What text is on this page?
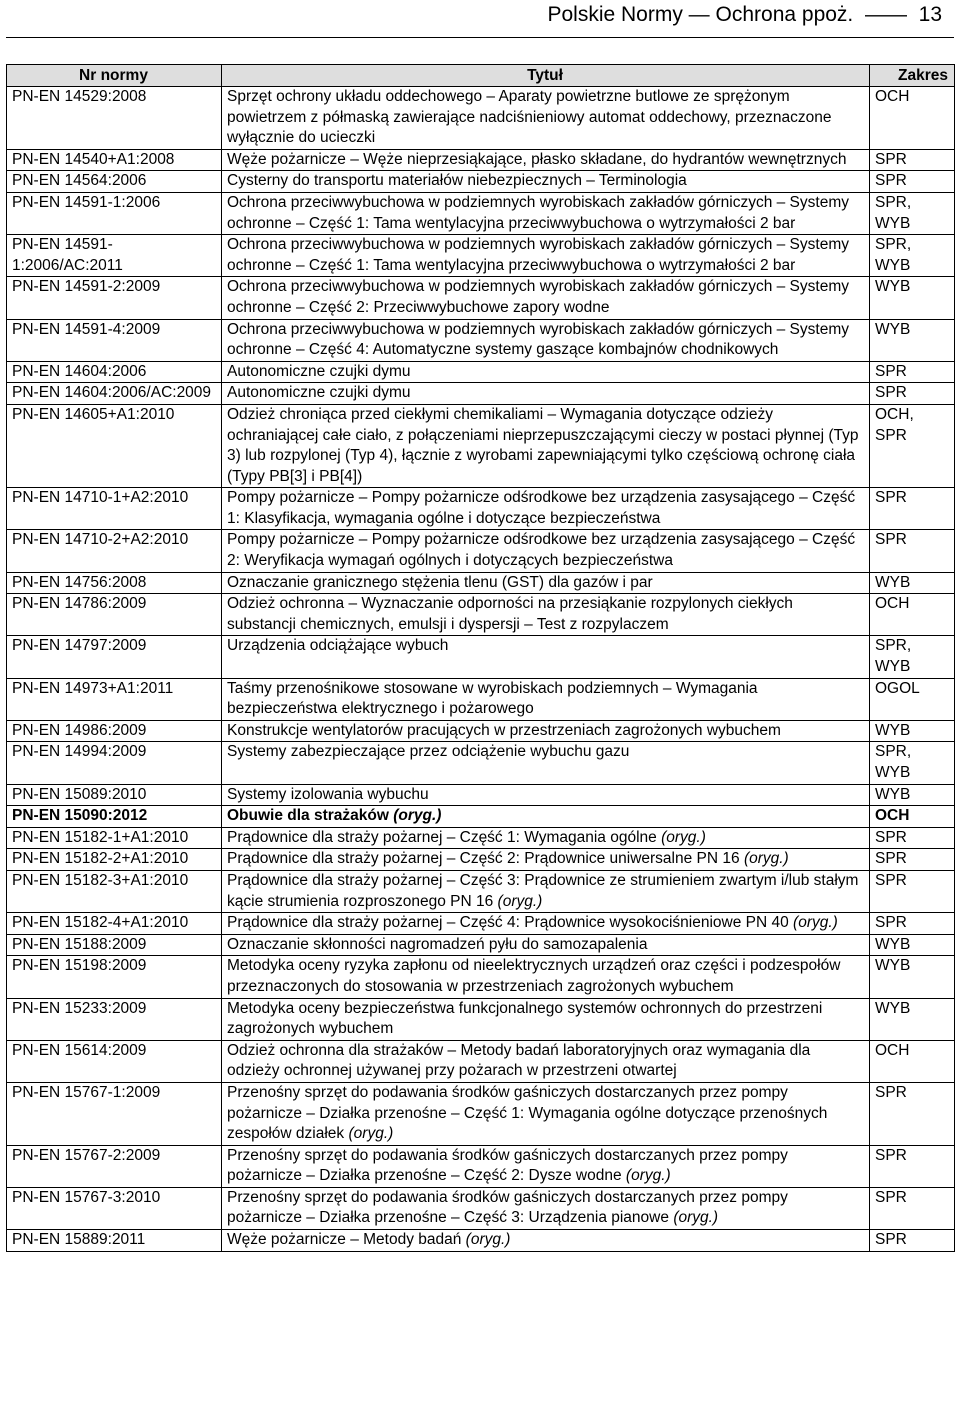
Polskie Normy — Ochrona ppoż.  ——  13
Nr normy	Tytuł	Zakres
PN-EN 14529:2008	Sprzęt ochrony układu oddechowego – Aparaty powietrzne butlowe ze sprężonym powietrzem z półmaską zawierające nadciśnieniowy automat oddechowy, przeznaczone wyłącznie do ucieczki	OCH
PN-EN 14540+A1:2008	Węże pożarnicze – Węże nieprzesiąkające, płasko składane, do hydrantów wewnętrznych	SPR
PN-EN 14564:2006	Cysterny do transportu materiałów niebezpiecznych – Terminologia	SPR
PN-EN 14591-1:2006	Ochrona przeciwwybuchowa w podziemnych wyrobiskach zakładów górniczych – Systemy ochronne – Część 1: Tama wentylacyjna przeciwwybuchowa o wytrzymałości 2 bar	SPR, WYB
PN-EN 14591-1:2006/AC:2011	Ochrona przeciwwybuchowa w podziemnych wyrobiskach zakładów górniczych – Systemy ochronne – Część 1: Tama wentylacyjna przeciwwybuchowa o wytrzymałości 2 bar	SPR, WYB
PN-EN 14591-2:2009	Ochrona przeciwwybuchowa w podziemnych wyrobiskach zakładów górniczych – Systemy ochronne – Część 2: Przeciwwybuchowe zapory wodne	WYB
PN-EN 14591-4:2009	Ochrona przeciwwybuchowa w podziemnych wyrobiskach zakładów górniczych – Systemy ochronne – Część 4: Automatyczne systemy gaszące kombajnów chodnikowych	WYB
PN-EN 14604:2006	Autonomiczne czujki dymu	SPR
PN-EN 14604:2006/AC:2009	Autonomiczne czujki dymu	SPR
PN-EN 14605+A1:2010	Odzież chroniąca przed ciekłymi chemikaliami – Wymagania dotyczące odzieży ochraniającej całe ciało, z połączeniami nieprzepuszczającymi cieczy w postaci płynnej (Typ 3) lub rozpylonej (Typ 4), łącznie z wyrobami zapewniającymi tylko częściową ochronę ciała (Typy PB[3] i PB[4])	OCH, SPR
PN-EN 14710-1+A2:2010	Pompy pożarnicze – Pompy pożarnicze odśrodkowe bez urządzenia zasysającego – Część 1: Klasyfikacja, wymagania ogólne i dotyczące bezpieczeństwa	SPR
PN-EN 14710-2+A2:2010	Pompy pożarnicze – Pompy pożarnicze odśrodkowe bez urządzenia zasysającego – Część 2: Weryfikacja wymagań ogólnych i dotyczących bezpieczeństwa	SPR
PN-EN 14756:2008	Oznaczanie granicznego stężenia tlenu (GST) dla gazów i par	WYB
PN-EN 14786:2009	Odzież ochronna – Wyznaczanie odporności na przesiąkanie rozpylonych ciekłych substancji chemicznych, emulsji i dyspersji – Test z rozpylaczem	OCH
PN-EN 14797:2009	Urządzenia odciążające wybuch	SPR, WYB
PN-EN 14973+A1:2011	Taśmy przenośnikowe stosowane w wyrobiskach podziemnych – Wymagania bezpieczeństwa elektrycznego i pożarowego	OGOL
PN-EN 14986:2009	Konstrukcje wentylatorów pracujących w przestrzeniach zagrożonych wybuchem	WYB
PN-EN 14994:2009	Systemy zabezpieczające przez odciążenie wybuchu gazu	SPR, WYB
PN-EN 15089:2010	Systemy izolowania wybuchu	WYB
PN-EN 15090:2012	Obuwie dla strażaków (oryg.)	OCH
PN-EN 15182-1+A1:2010	Prądownice dla straży pożarnej – Część 1: Wymagania ogólne (oryg.)	SPR
PN-EN 15182-2+A1:2010	Prądownice dla straży pożarnej – Część 2: Prądownice uniwersalne PN 16 (oryg.)	SPR
PN-EN 15182-3+A1:2010	Prądownice dla straży pożarnej – Część 3: Prądownice ze strumieniem zwartym i/lub stałym kącie strumienia rozproszonego PN 16 (oryg.)	SPR
PN-EN 15182-4+A1:2010	Prądownice dla straży pożarnej – Część 4: Prądownice wysokociśnieniowe PN 40 (oryg.)	SPR
PN-EN 15188:2009	Oznaczanie skłonności nagromadzeń pyłu do samozapalenia	WYB
PN-EN 15198:2009	Metodyka oceny ryzyka zapłonu od nieelektrycznych urządzeń oraz części i podzespołów przeznaczonych do stosowania w przestrzeniach zagrożonych wybuchem	WYB
PN-EN 15233:2009	Metodyka oceny bezpieczeństwa funkcjonalnego systemów ochronnych do przestrzeni zagrożonych wybuchem	WYB
PN-EN 15614:2009	Odzież ochronna dla strażaków – Metody badań laboratoryjnych oraz wymagania dla odzieży ochronnej używanej przy pożarach w przestrzeni otwartej	OCH
PN-EN 15767-1:2009	Przenośny sprzęt do podawania środków gaśniczych dostarczanych przez pompy pożarnicze – Działka przenośne – Część 1: Wymagania ogólne dotyczące przenośnych zespołów działek (oryg.)	SPR
PN-EN 15767-2:2009	Przenośny sprzęt do podawania środków gaśniczych dostarczanych przez pompy pożarnicze – Działka przenośne – Część 2: Dysze wodne (oryg.)	SPR
PN-EN 15767-3:2010	Przenośny sprzęt do podawania środków gaśniczych dostarczanych przez pompy pożarnicze – Działka przenośne – Część 3: Urządzenia pianowe (oryg.)	SPR
PN-EN 15889:2011	Węże pożarnicze – Metody badań (oryg.)	SPR
